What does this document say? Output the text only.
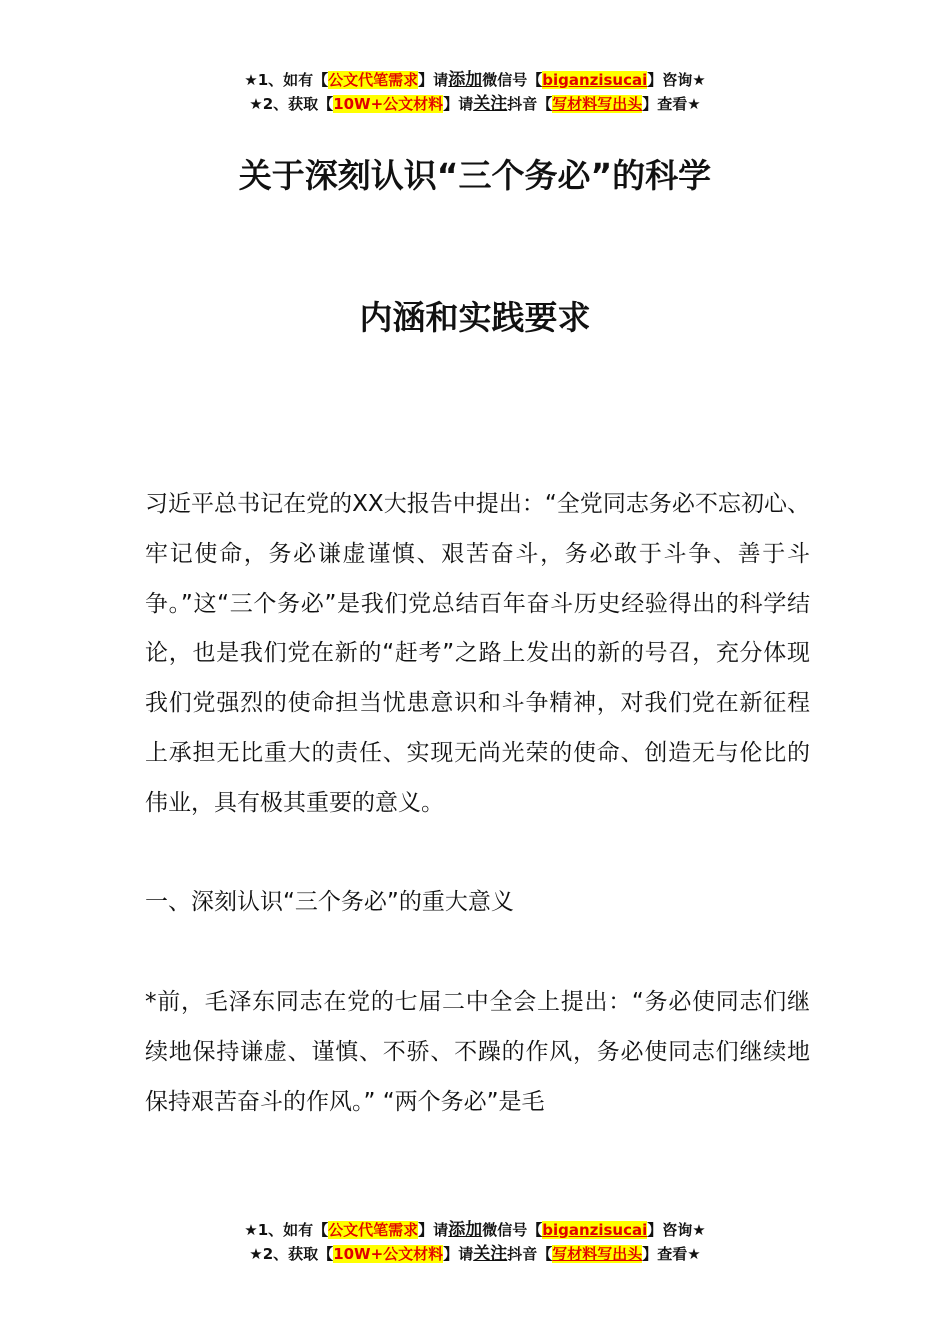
★1、如有【公文代笔需求】请添加微信号【biganzisucai】咨询★
★2、获取【10W+公文材料】请关注抖音【写材料写出头】查看★
关于深刻认识“三个务必”的科学
内涵和实践要求

习近平总书记在党的XX大报告中提出：“全党同志务必不忘初心、牢记使命，务必谦虚谨慎、艰苦奋斗，务必敢于斗争、善于斗争。”这“三个务必”是我们党总结百年奋斗历史经验得出的科学结论，也是我们党在新的“赶考”之路上发出的新的号召，充分体现我们党强烈的使命担当忧患意识和斗争精神，对我们党在新征程上承担无比重大的责任、实现无尚光荣的使命、创造无与伦比的伟业，具有极其重要的意义。

一、深刻认识“三个务必”的重大意义

*前，毛泽东同志在党的七届二中全会上提出：“务必使同志们继续地保持谦虚、谨慎、不骄、不躁的作风，务必使同志们继续地保持艰苦奋斗的作风。” “两个务必”是毛

★1、如有【公文代笔需求】请添加微信号【biganzisucai】咨询★
★2、获取【10W+公文材料】请关注抖音【写材料写出头】查看★
